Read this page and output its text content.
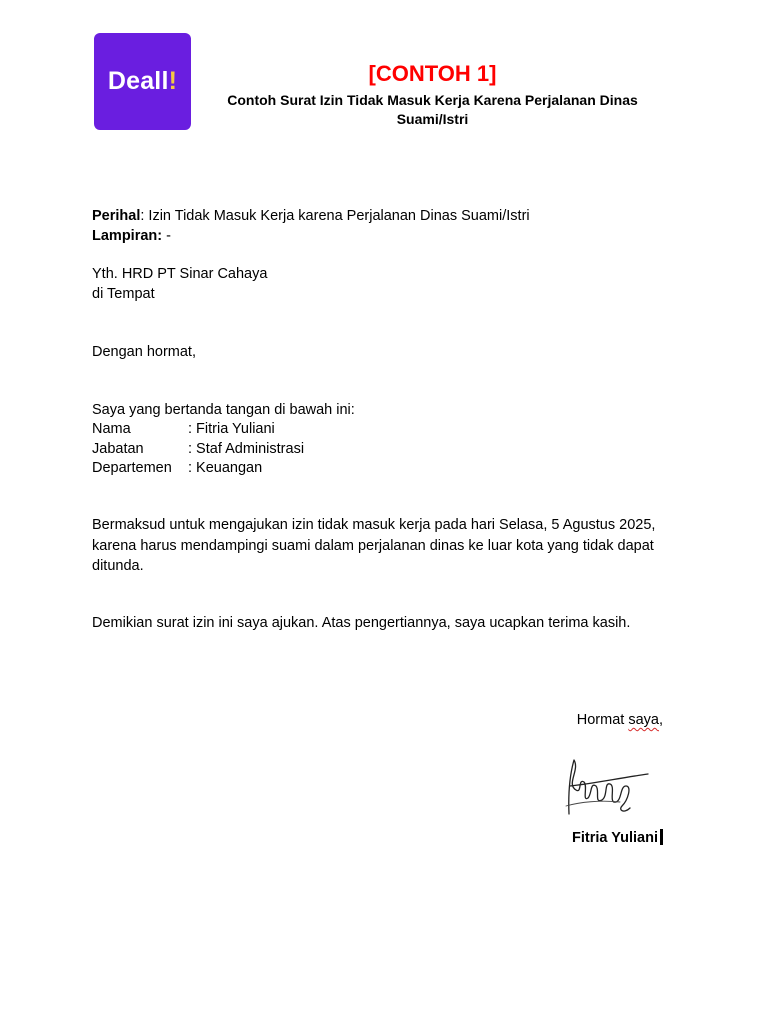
Deall!	[CONTOH 1]
Contoh Surat Izin Tidak Masuk Kerja Karena Perjalanan Dinas
Suami/Istri
Perihal: Izin Tidak Masuk Kerja karena Perjalanan Dinas Suami/Istri
Lampiran: -
Yth. HRD PT Sinar Cahaya
di Tempat
Dengan hormat,
Saya yang bertanda tangan di bawah ini:
Nama	: Fitria Yuliani
Jabatan	: Staf Administrasi
Departemen : Keuangan
Bermaksud untuk mengajukan izin tidak masuk kerja pada hari Selasa, 5 Agustus 2025, karena harus mendampingi suami dalam perjalanan dinas ke luar kota yang tidak dapat ditunda.
Demikian surat izin ini saya ajukan. Atas pengertiannya, saya ucapkan terima kasih.
Hormat saya,
Fitria Yuliani
